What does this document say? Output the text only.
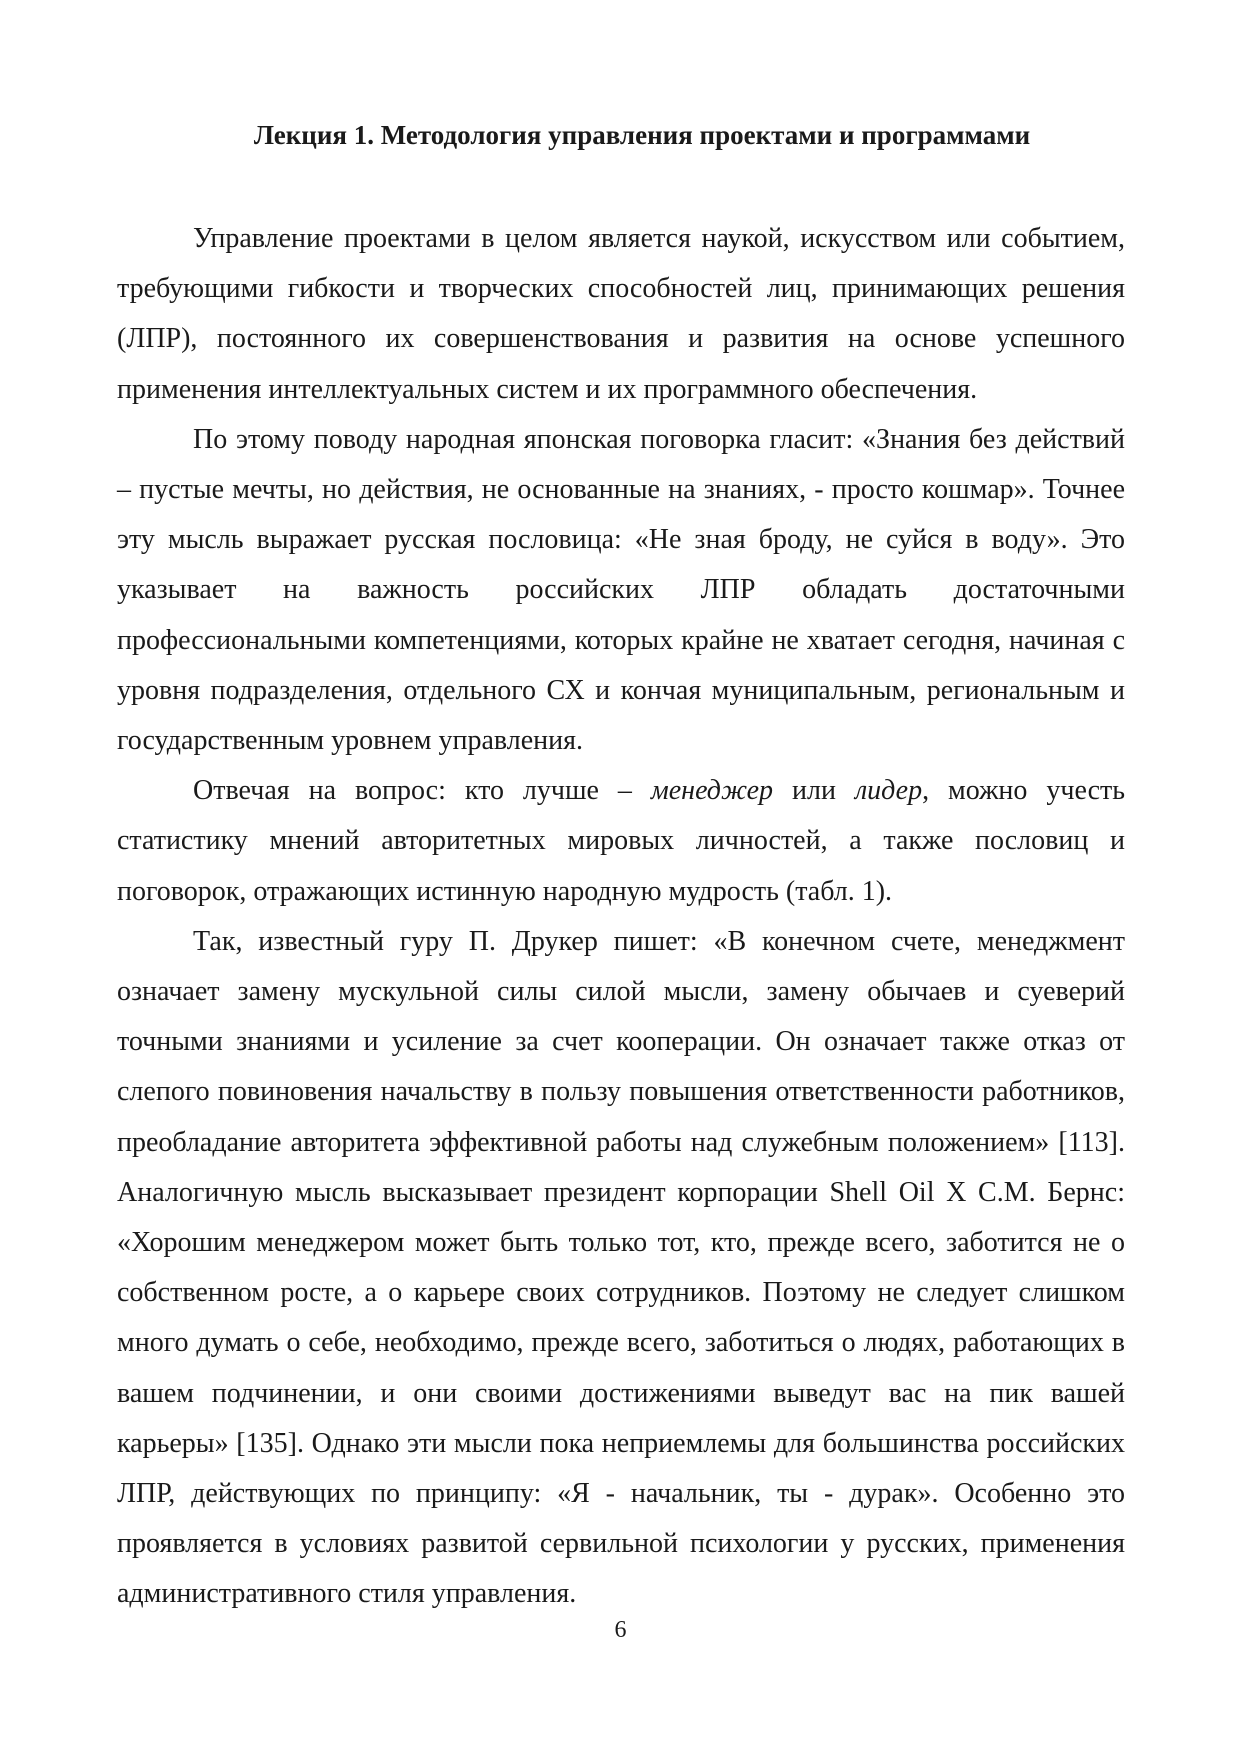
Лекция 1. Методология управления проектами и программами

Управление проектами в целом является наукой, искусством или событием, требующими гибкости и творческих способностей лиц, принимающих решения (ЛПР), постоянного их совершенствования и развития на основе успешного применения интеллектуальных систем и их программного обеспечения.

По этому поводу народная японская поговорка гласит: «Знания без действий – пустые мечты, но действия, не основанные на знаниях, - просто кошмар». Точнее эту мысль выражает русская пословица: «Не зная броду, не суйся в воду». Это указывает на важность российских ЛПР обладать достаточными профессиональными компетенциями, которых крайне не хватает сегодня, начиная с уровня подразделения, отдельного СХ и кончая муниципальным, региональным и государственным уровнем управления.

Отвечая на вопрос: кто лучше – менеджер или лидер, можно учесть статистику мнений авторитетных мировых личностей, а также пословиц и поговорок, отражающих истинную народную мудрость (табл. 1).

Так, известный гуру П. Друкер пишет: «В конечном счете, менеджмент означает замену мускульной силы силой мысли, замену обычаев и суеверий точными знаниями и усиление за счет кооперации. Он означает также отказ от слепого повиновения начальству в пользу повышения ответственности работников, преобладание авторитета эффективной работы над служебным положением» [113]. Аналогичную мысль высказывает президент корпорации Shell Oil Х С.М. Бернс: «Хорошим менеджером может быть только тот, кто, прежде всего, заботится не о собственном росте, а о карьере своих сотрудников. Поэтому не следует слишком много думать о себе, необходимо, прежде всего, заботиться о людях, работающих в вашем подчинении, и они своими достижениями выведут вас на пик вашей карьеры» [135]. Однако эти мысли пока неприемлемы для большинства российских ЛПР, действующих по принципу: «Я - начальник, ты - дурак». Особенно это проявляется в условиях развитой сервильной психологии у русских, применения административного стиля управления.

6
